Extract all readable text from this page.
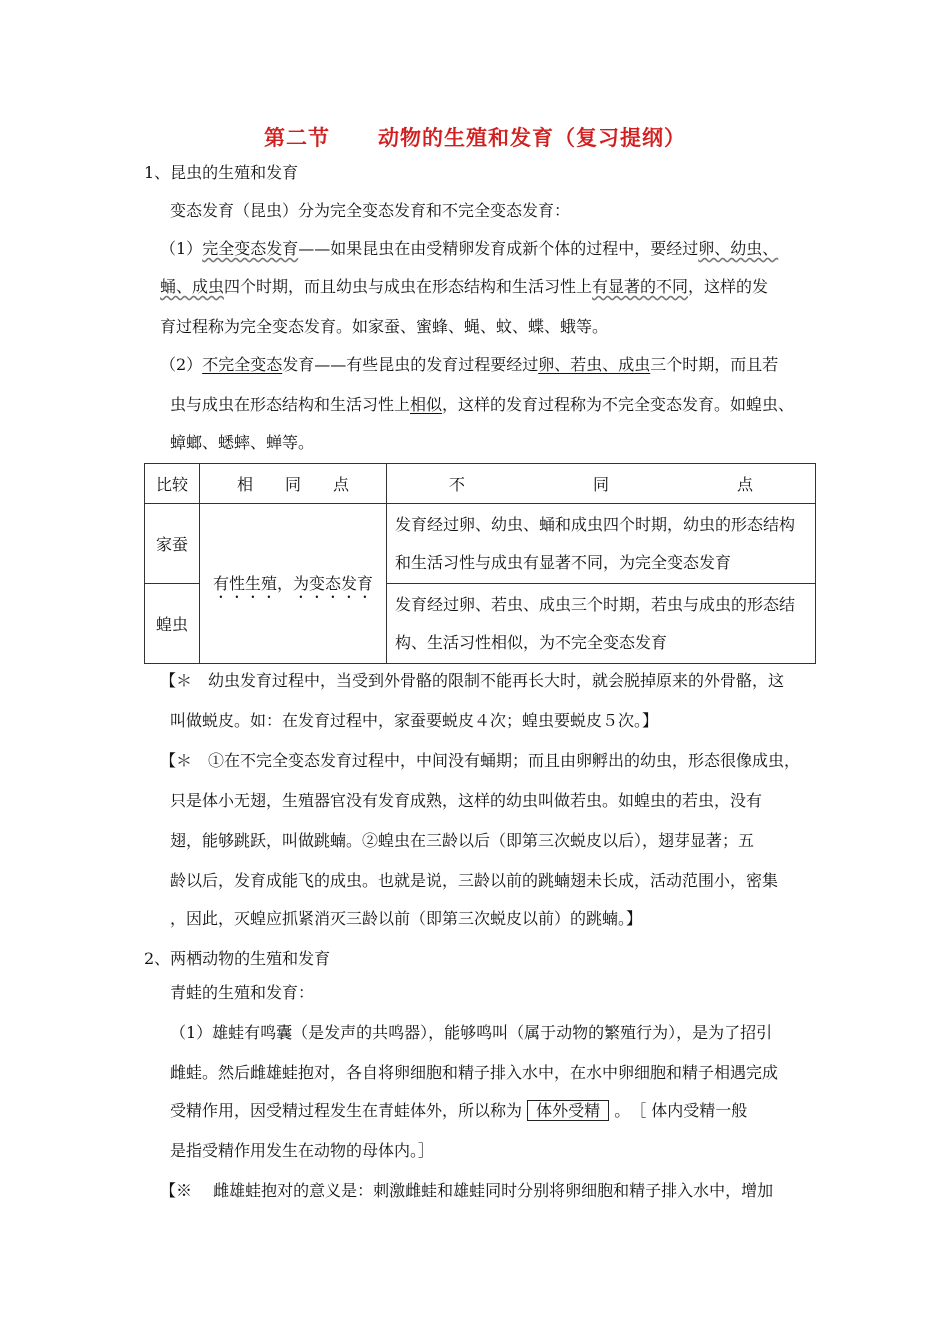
第二节 动物的生殖和发育（复习提纲）
1、昆虫的生殖和发育
变态发育（昆虫）分为完全变态发育和不完全变态发育：
（1）完全变态发育——如果昆虫在由受精卵发育成新个体的过程中，要经过卵、幼虫、
蛹、成虫四个时期，而且幼虫与成虫在形态结构和生活习性上有显著的不同，这样的发
育过程称为完全变态发育。如家蚕、蜜蜂、蝇、蚊、蝶、蛾等。
（2）不完全变态发育——有些昆虫的发育过程要经过卵、若虫、成虫三个时期，而且若
虫与成虫在形态结构和生活习性上相似，这样的发育过程称为不完全变态发育。如蝗虫、
蟑螂、蟋蟀、蝉等。
比较	相　　同　　点	不　　　　　　　　同　　　　　　　　点
家蚕	有性生殖，为变态发育	发育经过卵、幼虫、蛹和成虫四个时期，幼虫的形态结构
和生活习性与成虫有显著不同，为完全变态发育

蝗虫		发育经过卵、若虫、成虫三个时期，若虫与成虫的形态结
构、生活习性相似，为不完全变态发育
【＊　幼虫发育过程中，当受到外骨骼的限制不能再长大时，就会脱掉原来的外骨骼，这
叫做蜕皮。如：在发育过程中，家蚕要蜕皮４次；蝗虫要蜕皮５次。】
【＊　①在不完全变态发育过程中，中间没有蛹期；而且由卵孵出的幼虫，形态很像成虫，
只是体小无翅，生殖器官没有发育成熟，这样的幼虫叫做若虫。如蝗虫的若虫，没有
翅，能够跳跃，叫做跳蝻。②蝗虫在三龄以后（即第三次蜕皮以后），翅芽显著；五
龄以后，发育成能飞的成虫。也就是说，三龄以前的跳蝻翅未长成，活动范围小，密集
，因此，灭蝗应抓紧消灭三龄以前（即第三次蜕皮以前）的跳蝻。】
2、两栖动物的生殖和发育
青蛙的生殖和发育：
（1）雄蛙有鸣囊（是发声的共鸣器），能够鸣叫（属于动物的繁殖行为），是为了招引
雌蛙。然后雌雄蛙抱对，各自将卵细胞和精子排入水中，在水中卵细胞和精子相遇完成
受精作用，因受精过程发生在青蛙体外，所以称为 体外受精 。　［ 体内受精一般
是指受精作用发生在动物的母体内。］
【※　 雌雄蛙抱对的意义是：刺激雌蛙和雄蛙同时分别将卵细胞和精子排入水中，增加
